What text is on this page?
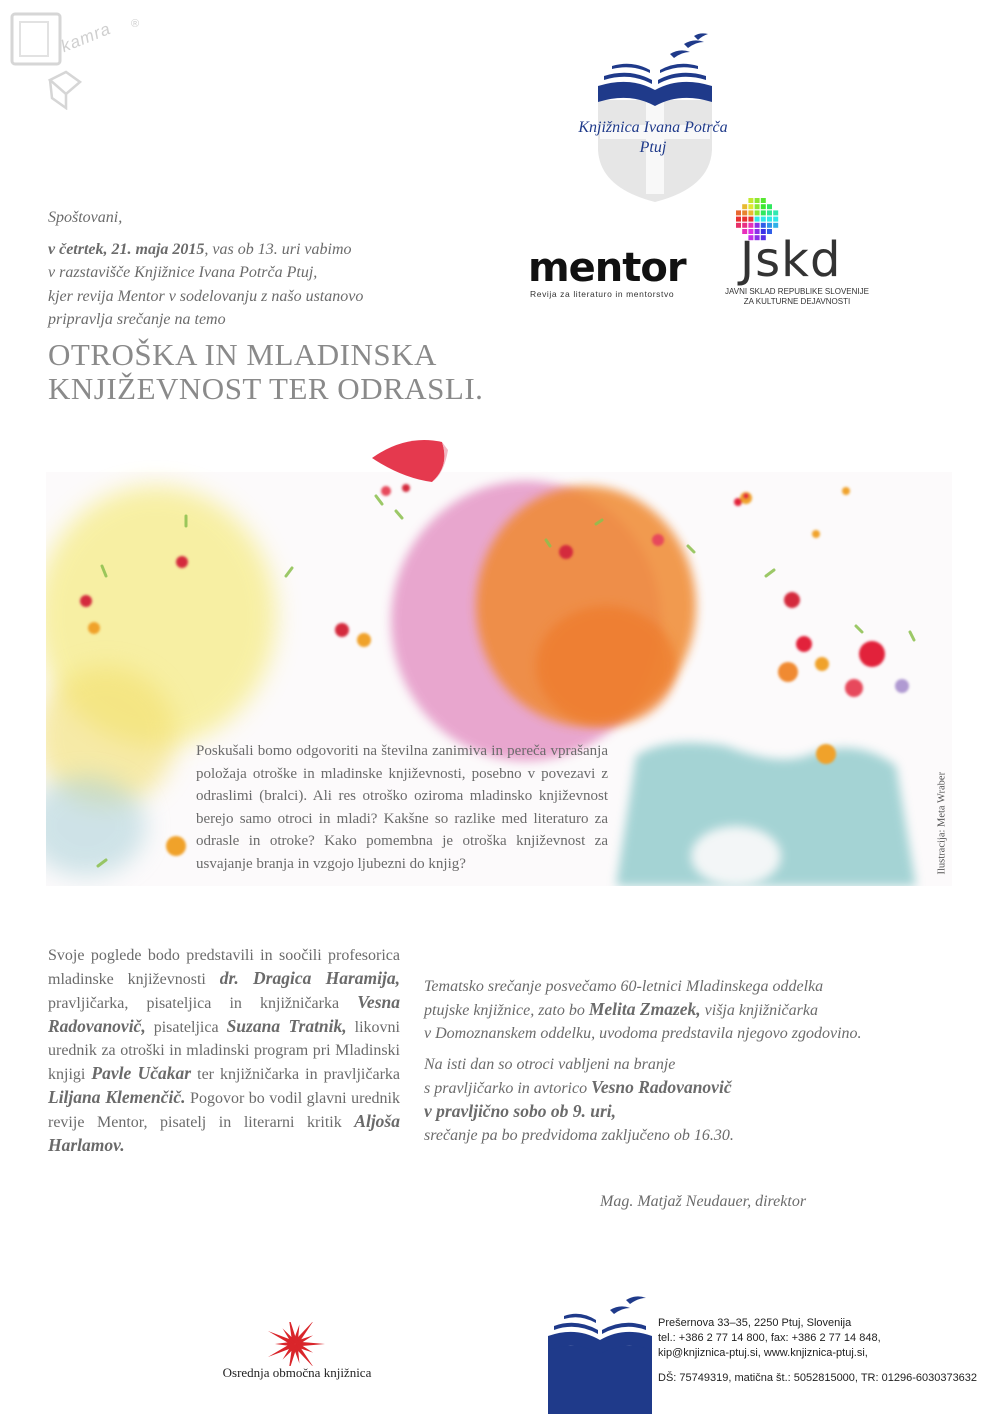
kamra ®
Knjižnica Ivana Potrča
Ptuj

Spoštovani,

v četrtek, 21. maja 2015, vas ob 13. uri vabimo

v razstavišče Knjižnice Ivana Potrča Ptuj,

kjer revija Mentor v sodelovanju z našo ustanovo

pripravlja srečanje na temo

mentor
Revija za literaturo in mentorstvo
Jskd
JAVNI SKLAD REPUBLIKE SLOVENIJE
ZA KULTURNE DEJAVNOSTI
OTROŠKA IN MLADINSKA
KNJIŽEVNOST TER ODRASLI.

Poskušali bomo odgovoriti na številna zanimiva in pereča vprašanja položaja otroške in mladinske književnosti, posebno v povezavi z odraslimi (bralci). Ali res otroško oziroma mladinsko književnost berejo samo otroci in mladi? Kakšne so razlike med literaturo za odrasle in otroke? Kako pomembna je otroška književnost za usvajanje branja in vzgojo ljubezni do knjig?	Ilustracija: Meta Wraber

Svoje poglede bodo predstavili in soočili profesorica mladinske književnosti dr. Dragica Haramija, pravljičarka, pisateljica in knjižničarka Vesna Radovanovič, pisateljica Suzana Tratnik, likovni urednik za otroški in mladinski program pri Mladinski knjigi Pavle Učakar ter knjižničarka in pravljičarka Liljana Klemenčič. Pogovor bo vodil glavni urednik revije Mentor, pisatelj in literarni kritik Aljoša Harlamov.

Tematsko srečanje posvečamo 60-letnici Mladinskega oddelka

ptujske knjižnice, zato bo Melita Zmazek, višja knjižničarka

v Domoznanskem oddelku, uvodoma predstavila njegovo zgodovino.

Na isti dan so otroci vabljeni na branje

s pravljičarko in avtorico Vesno Radovanovič

v pravljično sobo ob 9. uri,

srečanje pa bo predvidoma zaključeno ob 16.30.

Mag. Matjaž Neudauer, direktor
Osrednja območna knjižnica
Prešernova 33–35, 2250 Ptuj, Slovenija
tel.: +386 2 77 14 800, fax: +386 2 77 14 848,
kip@knjiznica-ptuj.si, www.knjiznica-ptuj.si,
DŠ: 75749319, matična št.: 5052815000, TR: 01296-6030373632
